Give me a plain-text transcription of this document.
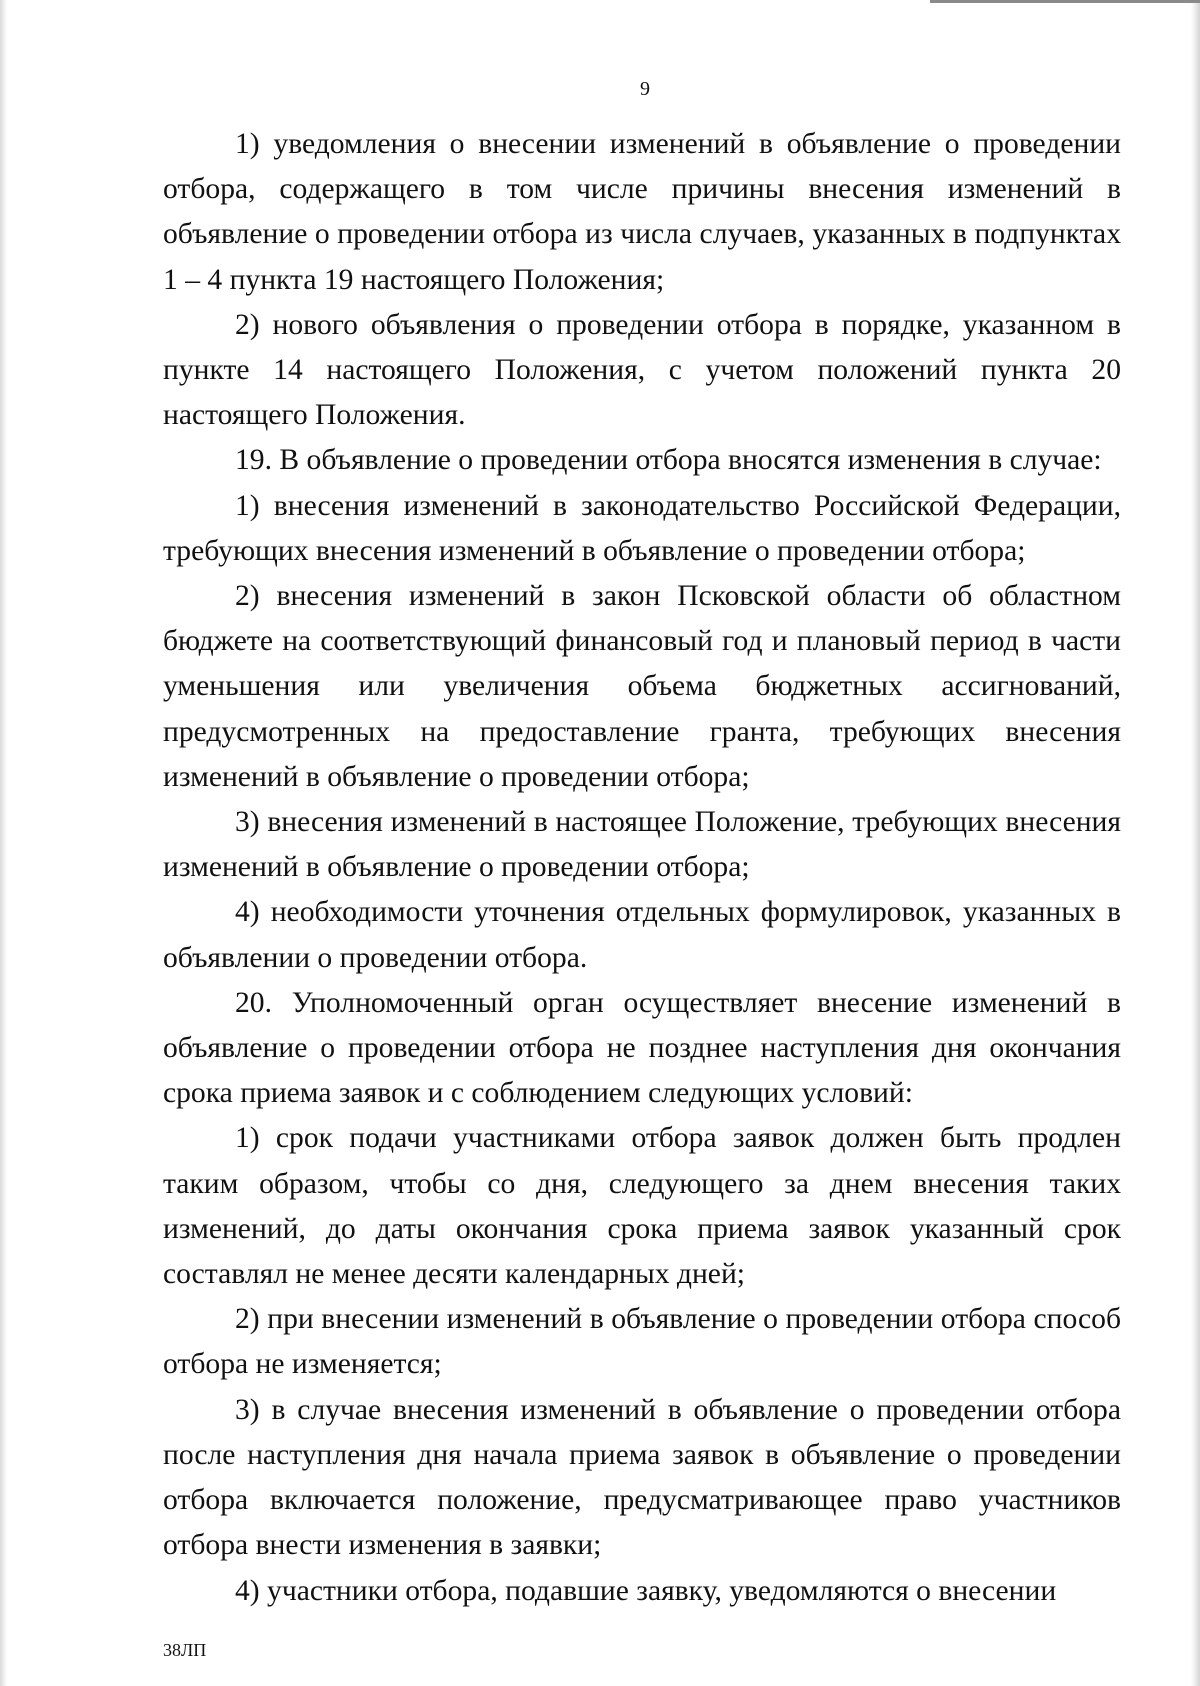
9

1) уведомления о внесении изменений в объявление о проведении отбора, содержащего в том числе причины внесения изменений в объявление о проведении отбора из числа случаев, указанных в подпунктах 1 – 4 пункта 19 настоящего Положения;

2) нового объявления о проведении отбора в порядке, указанном в пункте 14 настоящего Положения, с учетом положений пункта 20 настоящего Положения.

19. В объявление о проведении отбора вносятся изменения в случае:

1) внесения изменений в законодательство Российской Федерации, требующих внесения изменений в объявление о проведении отбора;

2) внесения изменений в закон Псковской области об областном бюджете на соответствующий финансовый год и плановый период в части уменьшения или увеличения объема бюджетных ассигнований, предусмотренных на предоставление гранта, требующих внесения изменений в объявление о проведении отбора;

3) внесения изменений в настоящее Положение, требующих внесения изменений в объявление о проведении отбора;

4) необходимости уточнения отдельных формулировок, указанных в объявлении о проведении отбора.

20. Уполномоченный орган осуществляет внесение изменений в объявление о проведении отбора не позднее наступления дня окончания срока приема заявок и с соблюдением следующих условий:

1) срок подачи участниками отбора заявок должен быть продлен таким образом, чтобы со дня, следующего за днем внесения таких изменений, до даты окончания срока приема заявок указанный срок составлял не менее десяти календарных дней;

2) при внесении изменений в объявление о проведении отбора способ отбора не изменяется;

3) в случае внесения изменений в объявление о проведении отбора после наступления дня начала приема заявок в объявление о проведении отбора включается положение, предусматривающее право участников отбора внести изменения в заявки;

4) участники отбора, подавшие заявку, уведомляются о внесении

38ЛП
